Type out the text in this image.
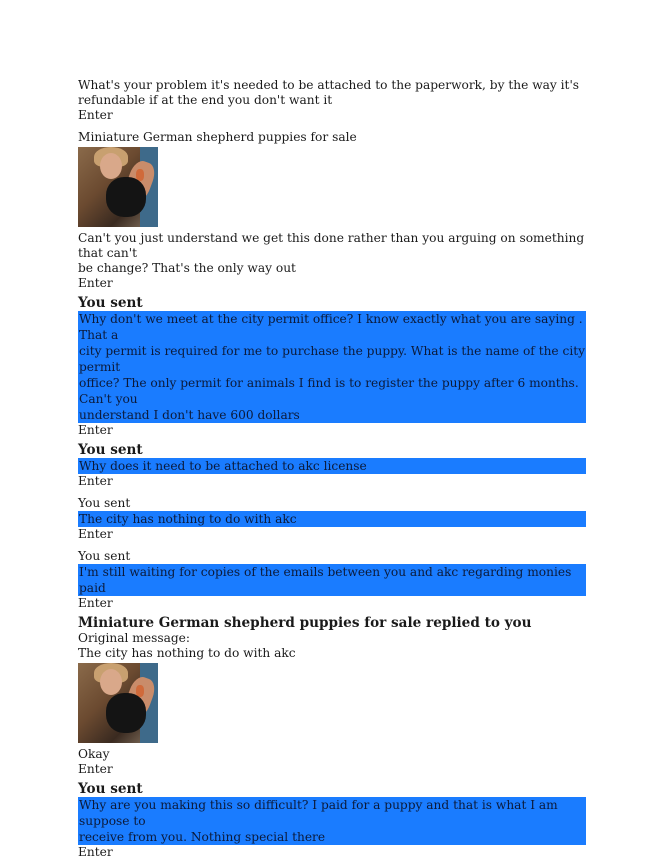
What's your problem it's needed to be attached to the paperwork, by the way it's

refundable if at the end you don't want it

Enter

Miniature German shepherd puppies for sale

Can't you just understand we get this done rather than you arguing on something that can't

be change? That's the only way out

Enter

You sent

Why don't we meet at the city permit office? I know exactly what you are saying . That a

city permit is required for me to purchase the puppy. What is the name of the city permit

office? The only permit for animals I find is to register the puppy after 6 months. Can't you

understand I don't have 600 dollars

Enter

You sent

Why does it need to be attached to akc license

Enter

You sent

The city has nothing to do with akc

Enter

You sent

I'm still waiting for copies of the emails between you and akc regarding monies paid

Enter

Miniature German shepherd puppies for sale replied to you

Original message:

The city has nothing to do with akc

Okay

Enter

You sent

Why are you making this so difficult? I paid for a puppy and that is what I am suppose to

receive from you. Nothing special there

Enter
